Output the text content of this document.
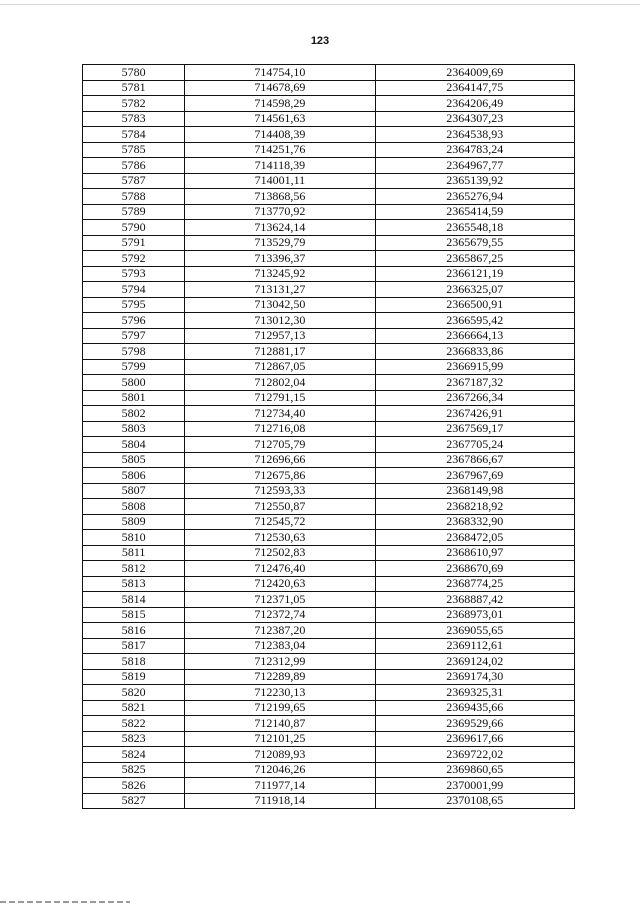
123
5780	714754,10	2364009,69
5781	714678,69	2364147,75
5782	714598,29	2364206,49
5783	714561,63	2364307,23
5784	714408,39	2364538,93
5785	714251,76	2364783,24
5786	714118,39	2364967,77
5787	714001,11	2365139,92
5788	713868,56	2365276,94
5789	713770,92	2365414,59
5790	713624,14	2365548,18
5791	713529,79	2365679,55
5792	713396,37	2365867,25
5793	713245,92	2366121,19
5794	713131,27	2366325,07
5795	713042,50	2366500,91
5796	713012,30	2366595,42
5797	712957,13	2366664,13
5798	712881,17	2366833,86
5799	712867,05	2366915,99
5800	712802,04	2367187,32
5801	712791,15	2367266,34
5802	712734,40	2367426,91
5803	712716,08	2367569,17
5804	712705,79	2367705,24
5805	712696,66	2367866,67
5806	712675,86	2367967,69
5807	712593,33	2368149,98
5808	712550,87	2368218,92
5809	712545,72	2368332,90
5810	712530,63	2368472,05
5811	712502,83	2368610,97
5812	712476,40	2368670,69
5813	712420,63	2368774,25
5814	712371,05	2368887,42
5815	712372,74	2368973,01
5816	712387,20	2369055,65
5817	712383,04	2369112,61
5818	712312,99	2369124,02
5819	712289,89	2369174,30
5820	712230,13	2369325,31
5821	712199,65	2369435,66
5822	712140,87	2369529,66
5823	712101,25	2369617,66
5824	712089,93	2369722,02
5825	712046,26	2369860,65
5826	711977,14	2370001,99
5827	711918,14	2370108,65
